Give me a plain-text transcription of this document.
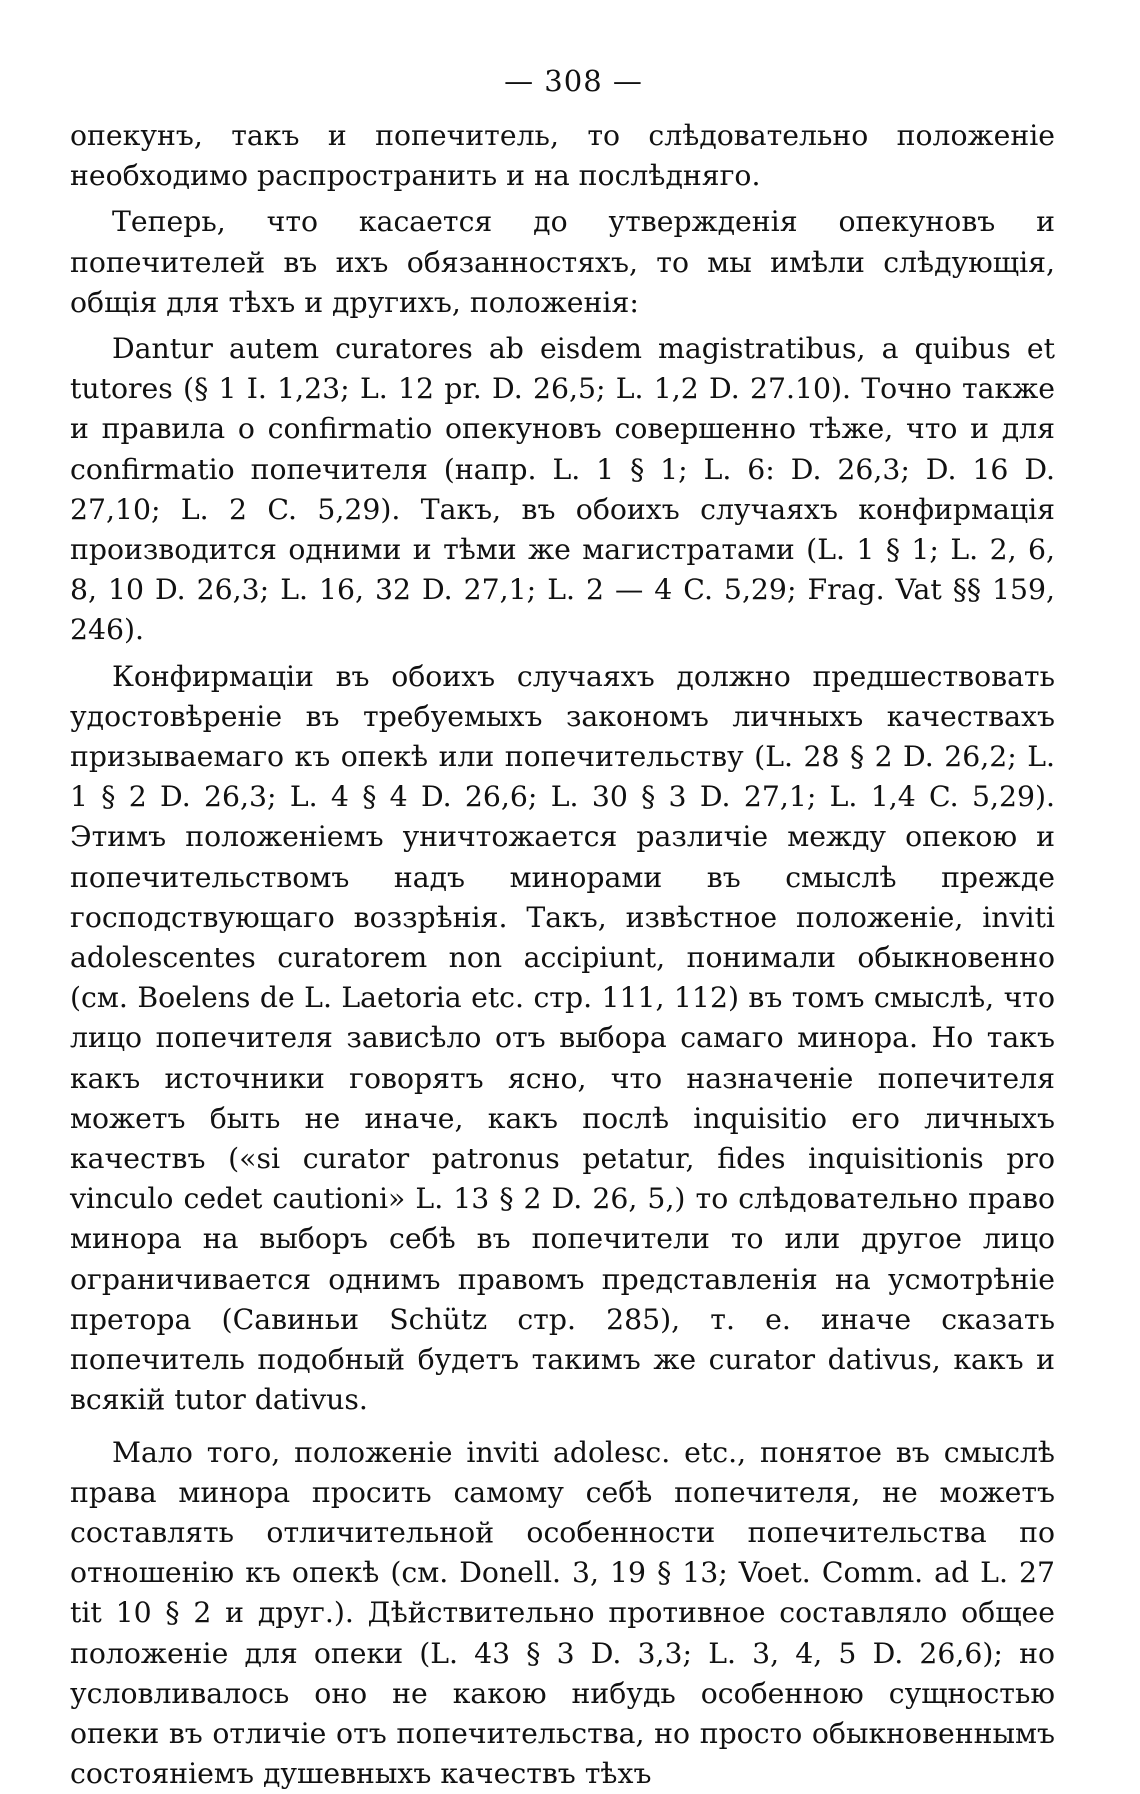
— 308 —

опекунъ, такъ и попечитель, то слѣдовательно положеніе необходимо распространить и на послѣдняго.

Теперь, что касается до утвержденія опекуновъ и попечителей въ ихъ обязанностяхъ, то мы имѣли слѣдующія, общія для тѣхъ и другихъ, положенія:

Dantur autem curatores ab eisdem magistratibus, a quibus et tutores (§ 1 I. 1,23; L. 12 pr. D. 26,5; L. 1,2 D. 27.10). Точно также и правила о confirmatio опекуновъ совершенно тѣже, что и для confirmatio попечителя (напр. L. 1 § 1; L. 6: D. 26,3; D. 16 D. 27,10; L. 2 C. 5,29). Такъ, въ обоихъ случаяхъ конфирмація производится одними и тѣми же магистратами (L. 1 § 1; L. 2, 6, 8, 10 D. 26,3; L. 16, 32 D. 27,1; L. 2 — 4 C. 5,29; Frag. Vat §§ 159, 246).

Конфирмаціи въ обоихъ случаяхъ должно предшествовать удостовѣреніе въ требуемыхъ закономъ личныхъ качествахъ призываемаго къ опекѣ или попечительству (L. 28 § 2 D. 26,2; L. 1 § 2 D. 26,3; L. 4 § 4 D. 26,6; L. 30 § 3 D. 27,1; L. 1,4 C. 5,29). Этимъ положеніемъ уничтожается различіе между опекою и попечительствомъ надъ минорами въ смыслѣ прежде господствующаго воззрѣнія. Такъ, извѣстное положеніе, inviti adolescentes curatorem non accipiunt, понимали обыкновенно (см. Boelens de L. Laetoria etc. стр. 111, 112) въ томъ смыслѣ, что лицо попечителя зависѣло отъ выбора самаго минора. Но такъ какъ источники говорятъ ясно, что назначеніе попечителя можетъ быть не иначе, какъ послѣ inquisitio его личныхъ качествъ («si curator patronus petatur, fides inquisitionis pro vinculo cedet cautioni» L. 13 § 2 D. 26, 5,) то слѣдовательно право минора на выборъ себѣ въ попечители то или другое лицо ограничивается однимъ правомъ представленія на усмотрѣніе претора (Савиньи Schütz стр. 285), т. е. иначе сказать попечитель подобный будетъ такимъ же curator dativus, какъ и всякій tutor dativus.

Мало того, положеніе inviti adolesc. etc., понятое въ смыслѣ права минора просить самому себѣ попечителя, не можетъ составлять отличительной особенности попечительства по отношенію къ опекѣ (см. Donell. 3, 19 § 13; Voet. Comm. ad L. 27 tit 10 § 2 и друг.). Дѣйствительно противное составляло общее положеніе для опеки (L. 43 § 3 D. 3,3; L. 3, 4, 5 D. 26,6); но условливалось оно не какою нибудь особенною сущностью опеки въ отличіе отъ попечительства, но просто обыкновеннымъ состояніемъ душевныхъ качествъ тѣхъ
